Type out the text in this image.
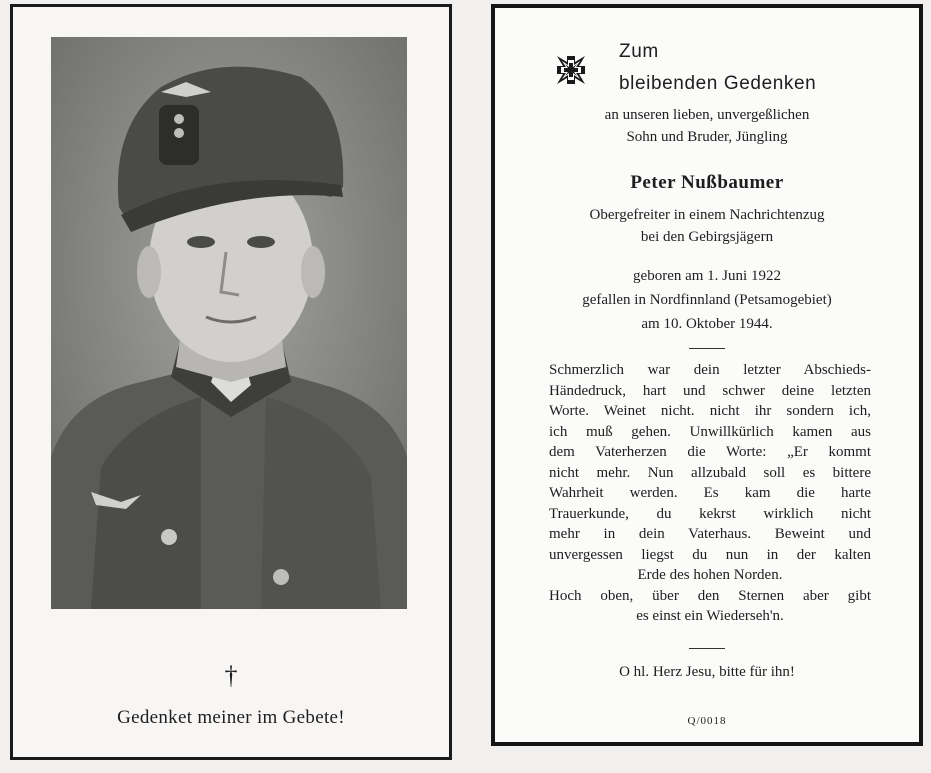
†
Gedenket meiner im Gebete!
Zum
bleibenden Gedenken
an unseren lieben, unvergeßlichen
Sohn und Bruder, Jüngling
Peter Nußbaumer
Obergefreiter in einem Nachrichtenzug
bei den Gebirgsjägern
geboren am 1. Juni 1922
gefallen in Nordfinnland (Petsamogebiet)
am 10. Oktober 1944.
Schmerzlich war dein letzter Abschieds-
Händedruck, hart und schwer deine letzten
Worte. Weinet nicht. nicht ihr sondern ich,
ich muß gehen. Unwillkürlich kamen aus
dem Vaterherzen die Worte: „Er kommt
nicht mehr. Nun allzubald soll es bittere
Wahrheit werden. Es kam die harte
Trauerkunde, du kekrst wirklich nicht
mehr in dein Vaterhaus. Beweint und
unvergessen liegst du nun in der kalten
Erde des hohen Norden.
Hoch oben, über den Sternen aber gibt
es einst ein Wiederseh'n.
O hl. Herz Jesu, bitte für ihn!
Q/0018
